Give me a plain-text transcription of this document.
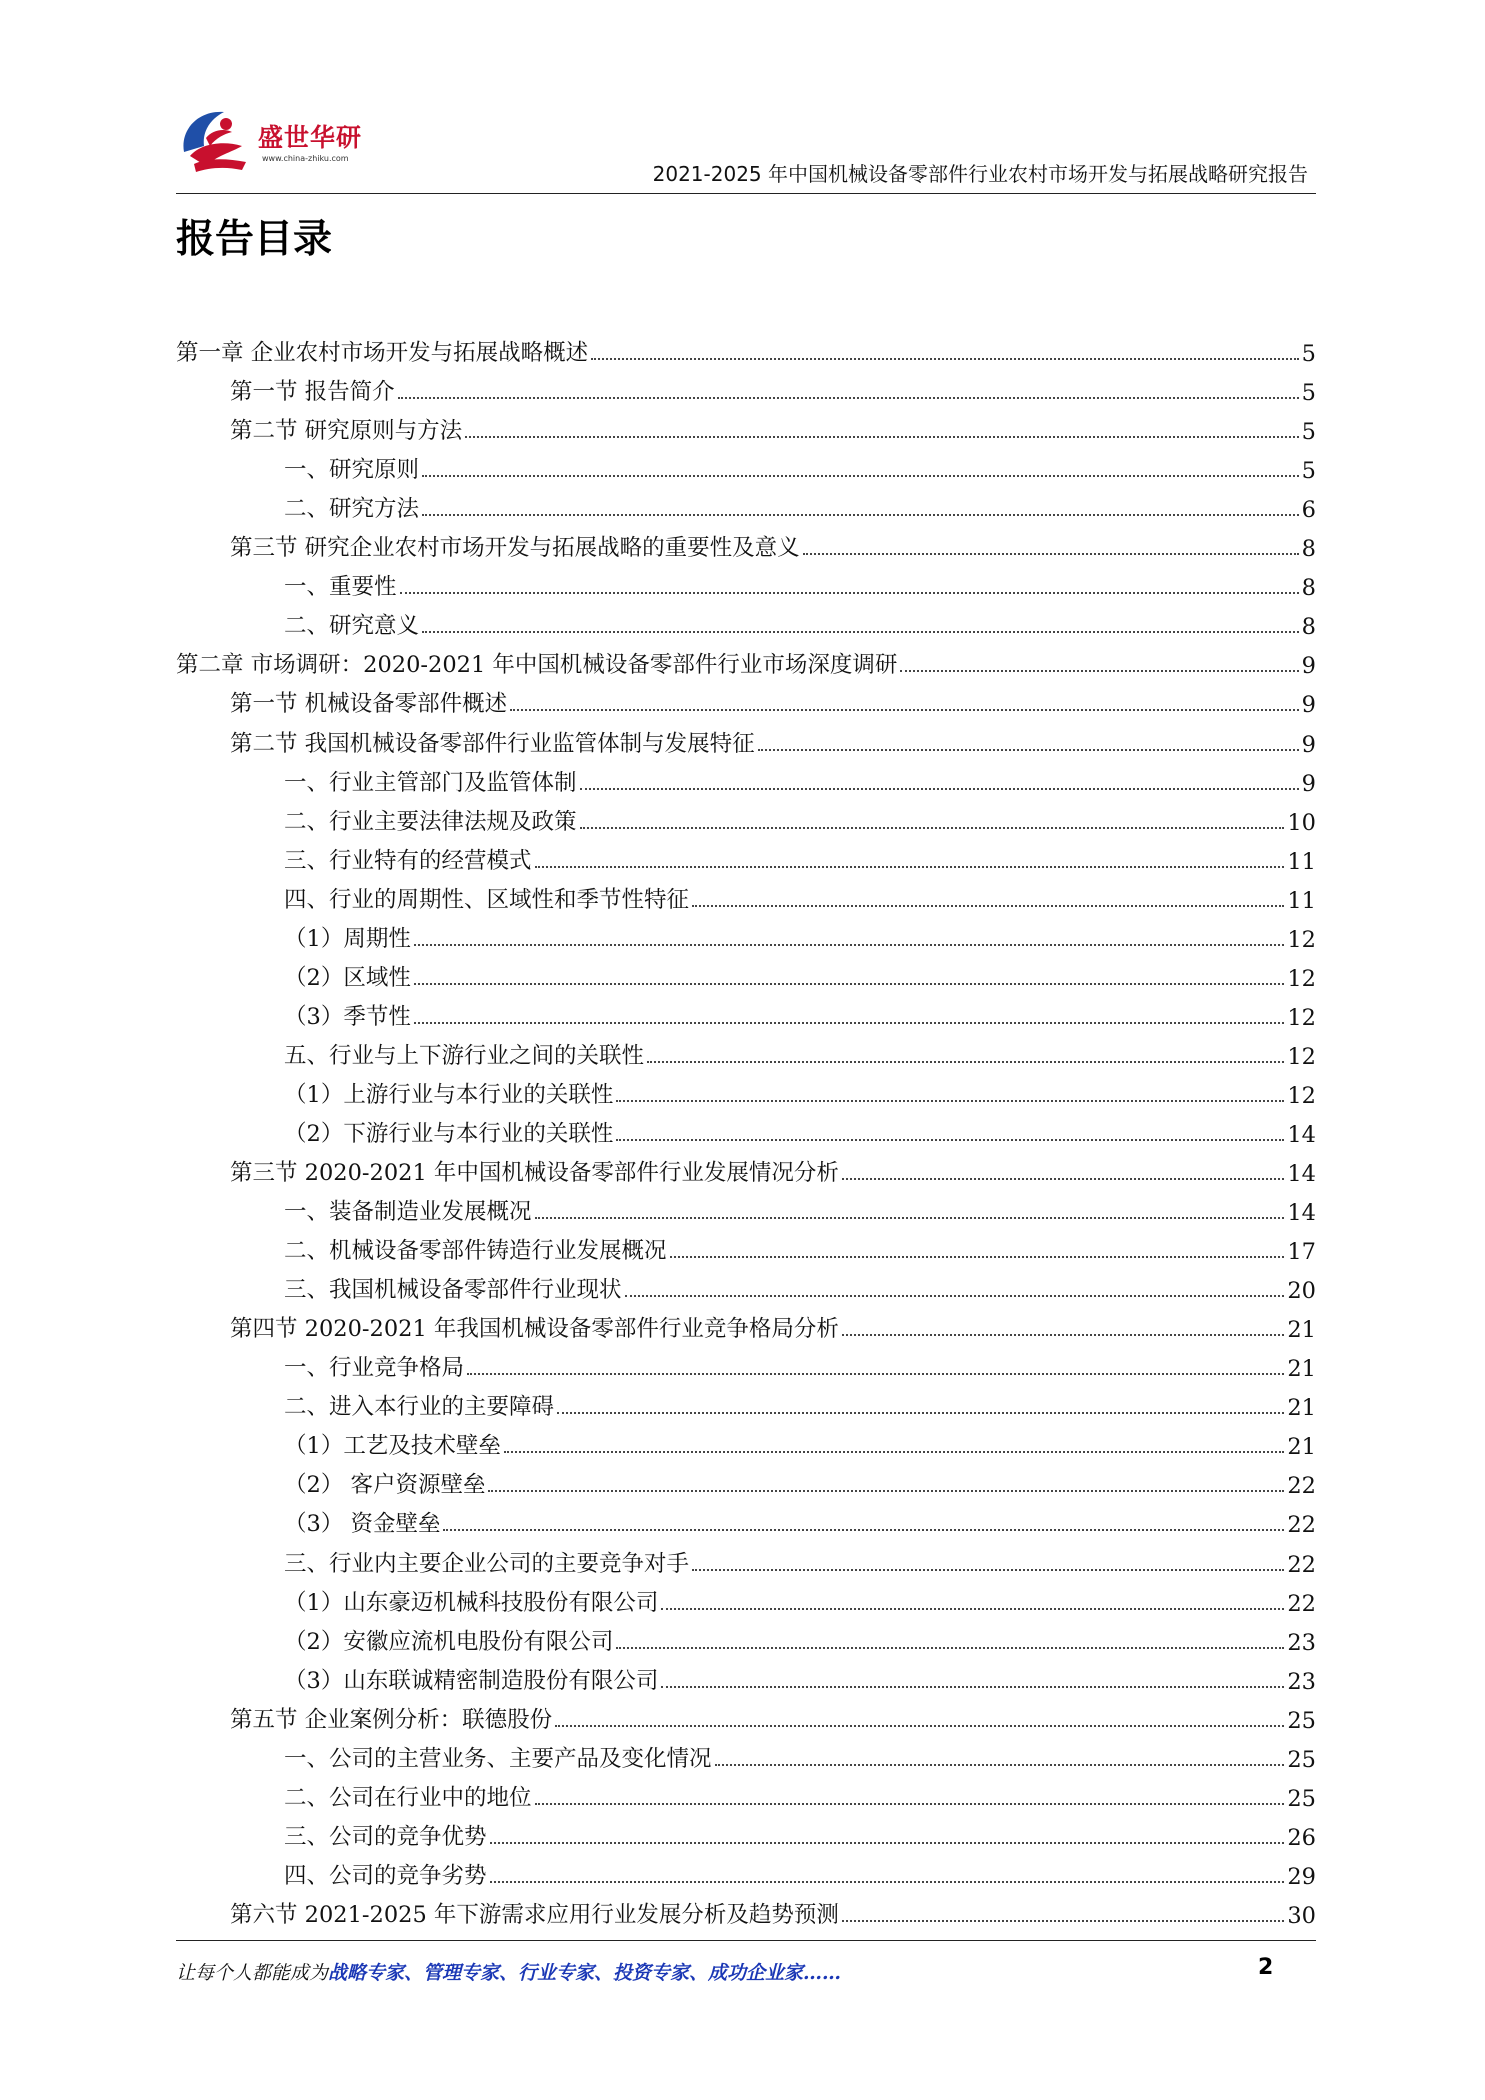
盛世华研
www.china-zhiku.com
2021-2025 年中国机械设备零部件行业农村市场开发与拓展战略研究报告
报告目录
第一章 企业农村市场开发与拓展战略概述	5
第一节 报告简介	5
第二节 研究原则与方法	5
一、研究原则	5
二、研究方法	6
第三节 研究企业农村市场开发与拓展战略的重要性及意义	8
一、重要性	8
二、研究意义	8
第二章 市场调研：2020-2021 年中国机械设备零部件行业市场深度调研	9
第一节 机械设备零部件概述	9
第二节 我国机械设备零部件行业监管体制与发展特征	9
一、行业主管部门及监管体制	9
二、行业主要法律法规及政策	10
三、行业特有的经营模式	11
四、行业的周期性、区域性和季节性特征	11
（1）周期性	12
（2）区域性	12
（3）季节性	12
五、行业与上下游行业之间的关联性	12
（1）上游行业与本行业的关联性	12
（2）下游行业与本行业的关联性	14
第三节 2020-2021 年中国机械设备零部件行业发展情况分析	14
一、装备制造业发展概况	14
二、机械设备零部件铸造行业发展概况	17
三、我国机械设备零部件行业现状	20
第四节 2020-2021 年我国机械设备零部件行业竞争格局分析	21
一、行业竞争格局	21
二、进入本行业的主要障碍	21
（1）工艺及技术壁垒	21
（2） 客户资源壁垒	22
（3） 资金壁垒	22
三、行业内主要企业公司的主要竞争对手	22
（1）山东豪迈机械科技股份有限公司	22
（2）安徽应流机电股份有限公司	23
（3）山东联诚精密制造股份有限公司	23
第五节 企业案例分析：联德股份	25
一、公司的主营业务、主要产品及变化情况	25
二、公司在行业中的地位	25
三、公司的竞争优势	26
四、公司的竞争劣势	29
第六节 2021-2025 年下游需求应用行业发展分析及趋势预测	30
让每个人都能成为战略专家、管理专家、行业专家、投资专家、成功企业家……	2
